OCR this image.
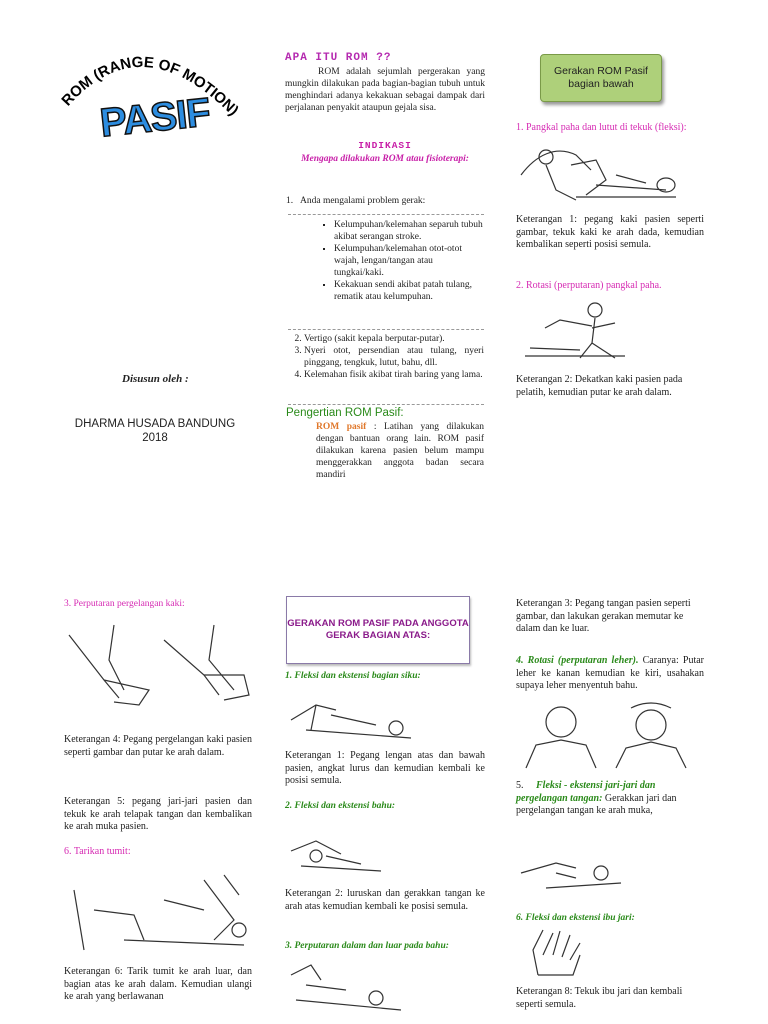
ROM (RANGE OF MOTION)
PASIF
Disusun oleh :
DHARMA HUSADA BANDUNG
2018
APA ITU ROM ??
ROM adalah sejumlah pergerakan yang mungkin dilakukan pada bagian-bagian tubuh untuk menghindari adanya kekakuan sebagai dampak dari perjalanan penyakit ataupun gejala sisa.
INDIKASI
Mengapa dilakukan ROM atau fisioterapi:
1. Anda mengalami problem gerak:
▪ Kelumpuhan/kelemahan separuh tubuh akibat serangan stroke.
▪ Kelumpuhan/kelemahan otot-otot wajah, lengan/tangan atau tungkai/kaki.
▪ Kekakuan sendi akibat patah tulang, rematik atau kelumpuhan.
2. Vertigo (sakit kepala berputar-putar).
3. Nyeri otot, persendian atau tulang, nyeri pinggang, tengkuk, lutut, bahu, dll.
4. Kelemahan fisik akibat tirah baring yang lama.
Pengertian ROM Pasif:
ROM pasif : Latihan yang dilakukan dengan bantuan orang lain. ROM pasif dilakukan karena pasien belum mampu menggerakkan anggota badan secara mandiri
Gerakan ROM Pasif bagian bawah
1. Pangkal paha dan lutut di tekuk (fleksi):
Keterangan 1: pegang kaki pasien seperti gambar, tekuk kaki ke arah dada, kemudian kembalikan seperti posisi semula.
2. Rotasi (perputaran) pangkal paha.
Keterangan 2: Dekatkan kaki pasien pada pelatih, kemudian putar ke arah dalam.
3. Perputaran pergelangan kaki:
Keterangan 4: Pegang pergelangan kaki pasien seperti gambar dan putar ke arah dalam.
Keterangan 5: pegang jari-jari pasien dan tekuk ke arah telapak tangan dan kembalikan ke arah muka pasien.
6. Tarikan tumit:
Keterangan 6: Tarik tumit ke arah luar, dan bagian atas ke arah dalam. Kemudian ulangi ke arah yang berlawanan
GERAKAN ROM PASIF PADA ANGGOTA GERAK BAGIAN ATAS:
1. Fleksi dan ekstensi bagian siku:
Keterangan 1: Pegang lengan atas dan bawah pasien, angkat lurus dan kemudian kembali ke posisi semula.
2. Fleksi dan ekstensi bahu:
Keterangan 2: luruskan dan gerakkan tangan ke arah atas kemudian kembali ke posisi semula.
3. Perputaran dalam dan luar pada bahu:
Keterangan 3: Pegang tangan pasien seperti gambar, dan lakukan gerakan memutar ke dalam dan ke luar.
4. Rotasi (perputaran leher). Caranya: Putar leher ke kanan kemudian ke kiri, usahakan supaya leher menyentuh bahu.
5. Fleksi - ekstensi jari-jari dan pergelangan tangan: Gerakkan jari dan pergelangan tangan ke arah muka,
6. Fleksi dan ekstensi ibu jari:
Keterangan 8: Tekuk ibu jari dan kembali seperti semula.
